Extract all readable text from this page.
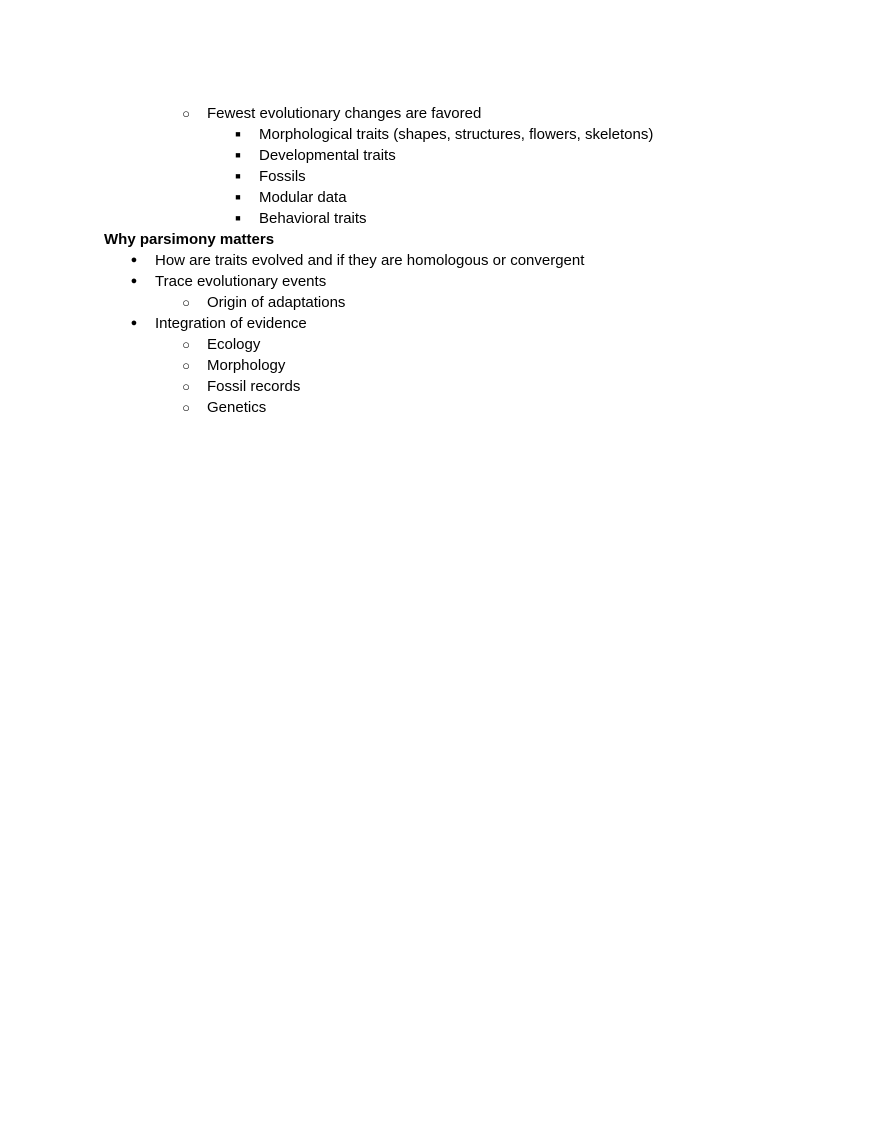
○ Fewest evolutionary changes are favored
■	Morphological traits (shapes, structures, flowers, skeletons)
■	Developmental traits
■	Fossils
■	Modular data
■	Behavioral traits
Why parsimony matters
●	How are traits evolved and if they are homologous or convergent
●	Trace evolutionary events
○ Origin of adaptations
●	Integration of evidence
○ Ecology
○ Morphology
○ Fossil records
○ Genetics
